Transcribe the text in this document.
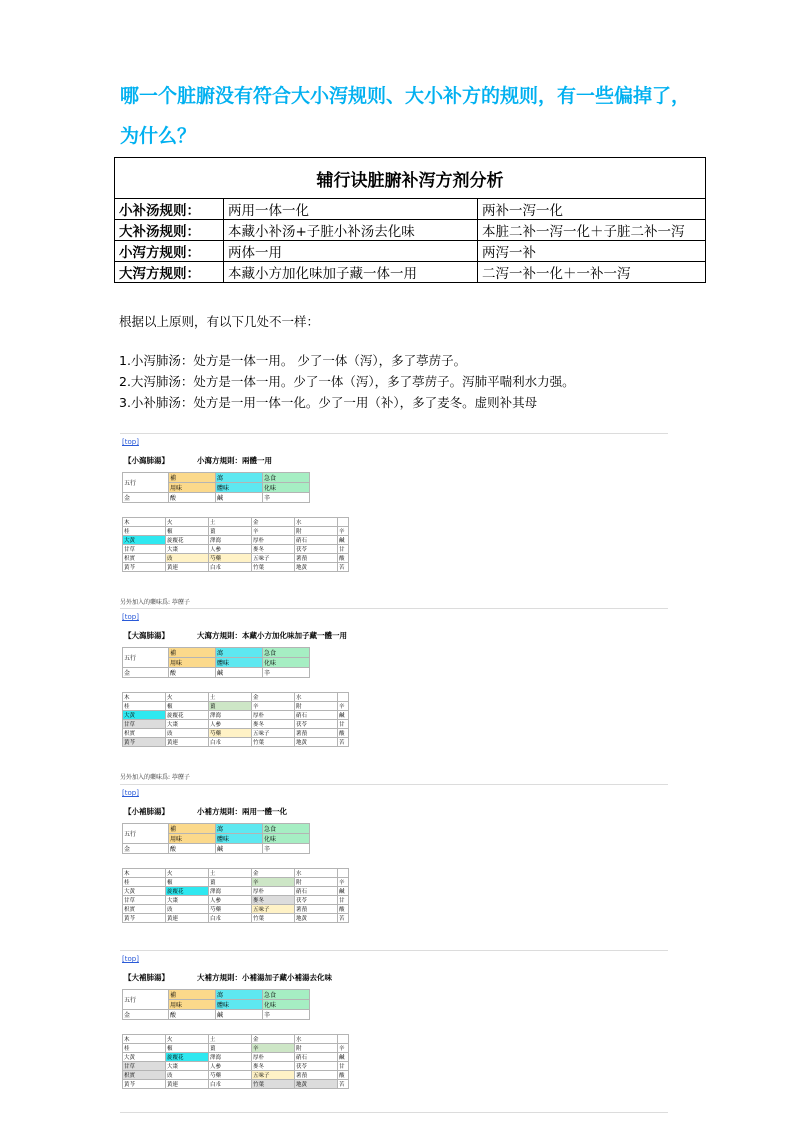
哪一个脏腑没有符合大小泻规则、大小补方的规则，有一些偏掉了，
为什么？
辅行诀脏腑补泻方剂分析		
小补汤规则：	两用一体一化	两补一泻一化
大补汤规则：	本藏小补汤+子脏小补汤去化味	本脏二补一泻一化＋子脏二补一泻
小泻方规则：	两体一用	两泻一补
大泻方规则：	本藏小方加化味加子藏一体一用	二泻一补一化＋一补一泻
根据以上原则，有以下几处不一样：
1.小泻肺汤：处方是一体一用。 少了一体（泻），多了葶苈子。
2.大泻肺汤：处方是一体一用。少了一体（泻），多了葶苈子。泻肺平喘利水力强。
3.小补肺汤：处方是一用一体一化。少了一用（补），多了麦冬。虚则补其母
[top]
【小瀉肺湯】	小瀉方規則：兩體一用
五行	補	瀉	急食
	用味	體味	化味
金	酸	鹹	辛
木	火	土	金	水	
桂	椒	薑	辛	附	辛
大黃	旋覆花	澤瀉	厚朴	硝石	鹹
甘草	大棗	人參	麥冬	茯苓	甘
枳實	豉	芍藥	五味子	薯蕷	酸
黃芩	黃連	白朮	竹葉	地黃	苦
另外加入的藥味爲: 葶藶子
[top]
【大瀉肺湯】	大瀉方規則：本藏小方加化味加子藏一體一用
五行	補	瀉	急食
	用味	體味	化味
金	酸	鹹	辛
木	火	土	金	水	
桂	椒	薑	辛	附	辛
大黃	旋覆花	澤瀉	厚朴	硝石	鹹
甘草	大棗	人參	麥冬	茯苓	甘
枳實	豉	芍藥	五味子	薯蕷	酸
黃芩	黃連	白朮	竹葉	地黃	苦
另外加入的藥味爲: 葶藶子
[top]
【小補肺湯】	小補方規則：兩用一體一化
五行	補	瀉	急食
	用味	體味	化味
金	酸	鹹	辛
木	火	土	金	水	
桂	椒	薑	辛	附	辛
大黃	旋覆花	澤瀉	厚朴	硝石	鹹
甘草	大棗	人參	麥冬	茯苓	甘
枳實	豉	芍藥	五味子	薯蕷	酸
黃芩	黃連	白朮	竹葉	地黃	苦
[top]
【大補肺湯】	大補方規則：小補湯加子藏小補湯去化味
五行	補	瀉	急食
	用味	體味	化味
金	酸	鹹	辛
木	火	土	金	水	
桂	椒	薑	辛	附	辛
大黃	旋覆花	澤瀉	厚朴	硝石	鹹
甘草	大棗	人參	麥冬	茯苓	甘
枳實	豉	芍藥	五味子	薯蕷	酸
黃芩	黃連	白朮	竹葉	地黃	苦
